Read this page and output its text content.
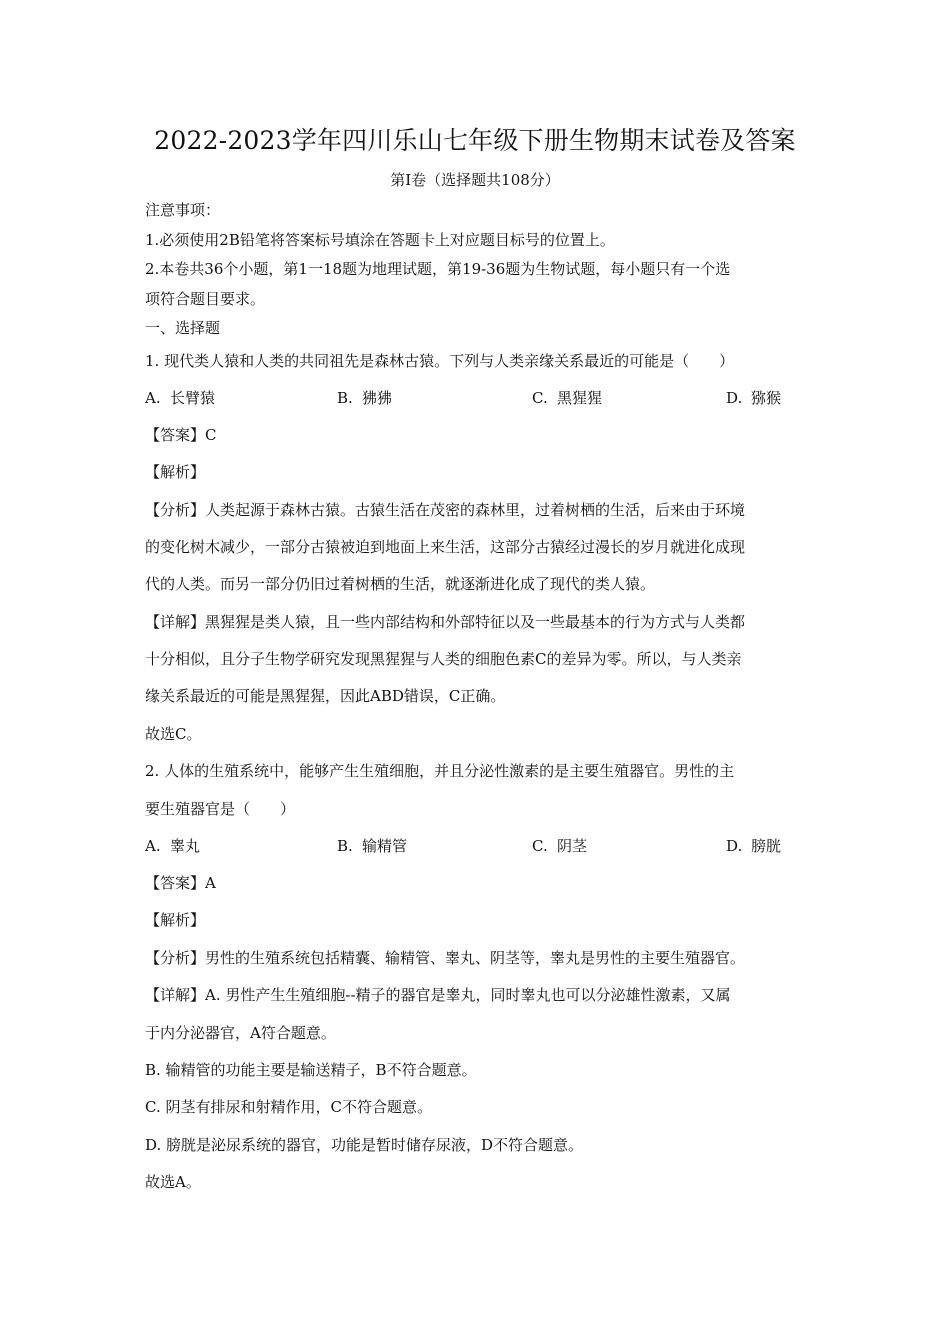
2022-2023学年四川乐山七年级下册生物期末试卷及答案
第Ⅰ卷（选择题共108分）
注意事项：
1.必须使用2B铅笔将答案标号填涂在答题卡上对应题目标号的位置上。
2.本卷共36个小题，第1一18题为地理试题，第19-36题为生物试题，每小题只有一个选
项符合题目要求。
一、选择题
1. 现代类人猿和人类的共同祖先是森林古猿。下列与人类亲缘关系最近的可能是（　　）
A. 长臂猿	B. 狒狒	C. 黑猩猩	D. 猕猴
【答案】C
【解析】
【分析】人类起源于森林古猿。古猿生活在茂密的森林里，过着树栖的生活，后来由于环境
的变化树木减少，一部分古猿被迫到地面上来生活，这部分古猿经过漫长的岁月就进化成现
代的人类。而另一部分仍旧过着树栖的生活，就逐渐进化成了现代的类人猿。
【详解】黑猩猩是类人猿，且一些内部结构和外部特征以及一些最基本的行为方式与人类都
十分相似，且分子生物学研究发现黑猩猩与人类的细胞色素C的差异为零。所以，与人类亲
缘关系最近的可能是黑猩猩，因此ABD错误，C正确。
故选C。
2. 人体的生殖系统中，能够产生生殖细胞，并且分泌性激素的是主要生殖器官。男性的主
要生殖器官是（　　）
A. 睾丸	B. 输精管	C. 阴茎	D. 膀胱
【答案】A
【解析】
【分析】男性的生殖系统包括精囊、输精管、睾丸、阴茎等，睾丸是男性的主要生殖器官。
【详解】A. 男性产生生殖细胞--精子的器官是睾丸，同时睾丸也可以分泌雄性激素，又属
于内分泌器官，A符合题意。
B. 输精管的功能主要是输送精子，B不符合题意。
C. 阴茎有排尿和射精作用，C不符合题意。
D. 膀胱是泌尿系统的器官，功能是暂时储存尿液，D不符合题意。
故选A。
